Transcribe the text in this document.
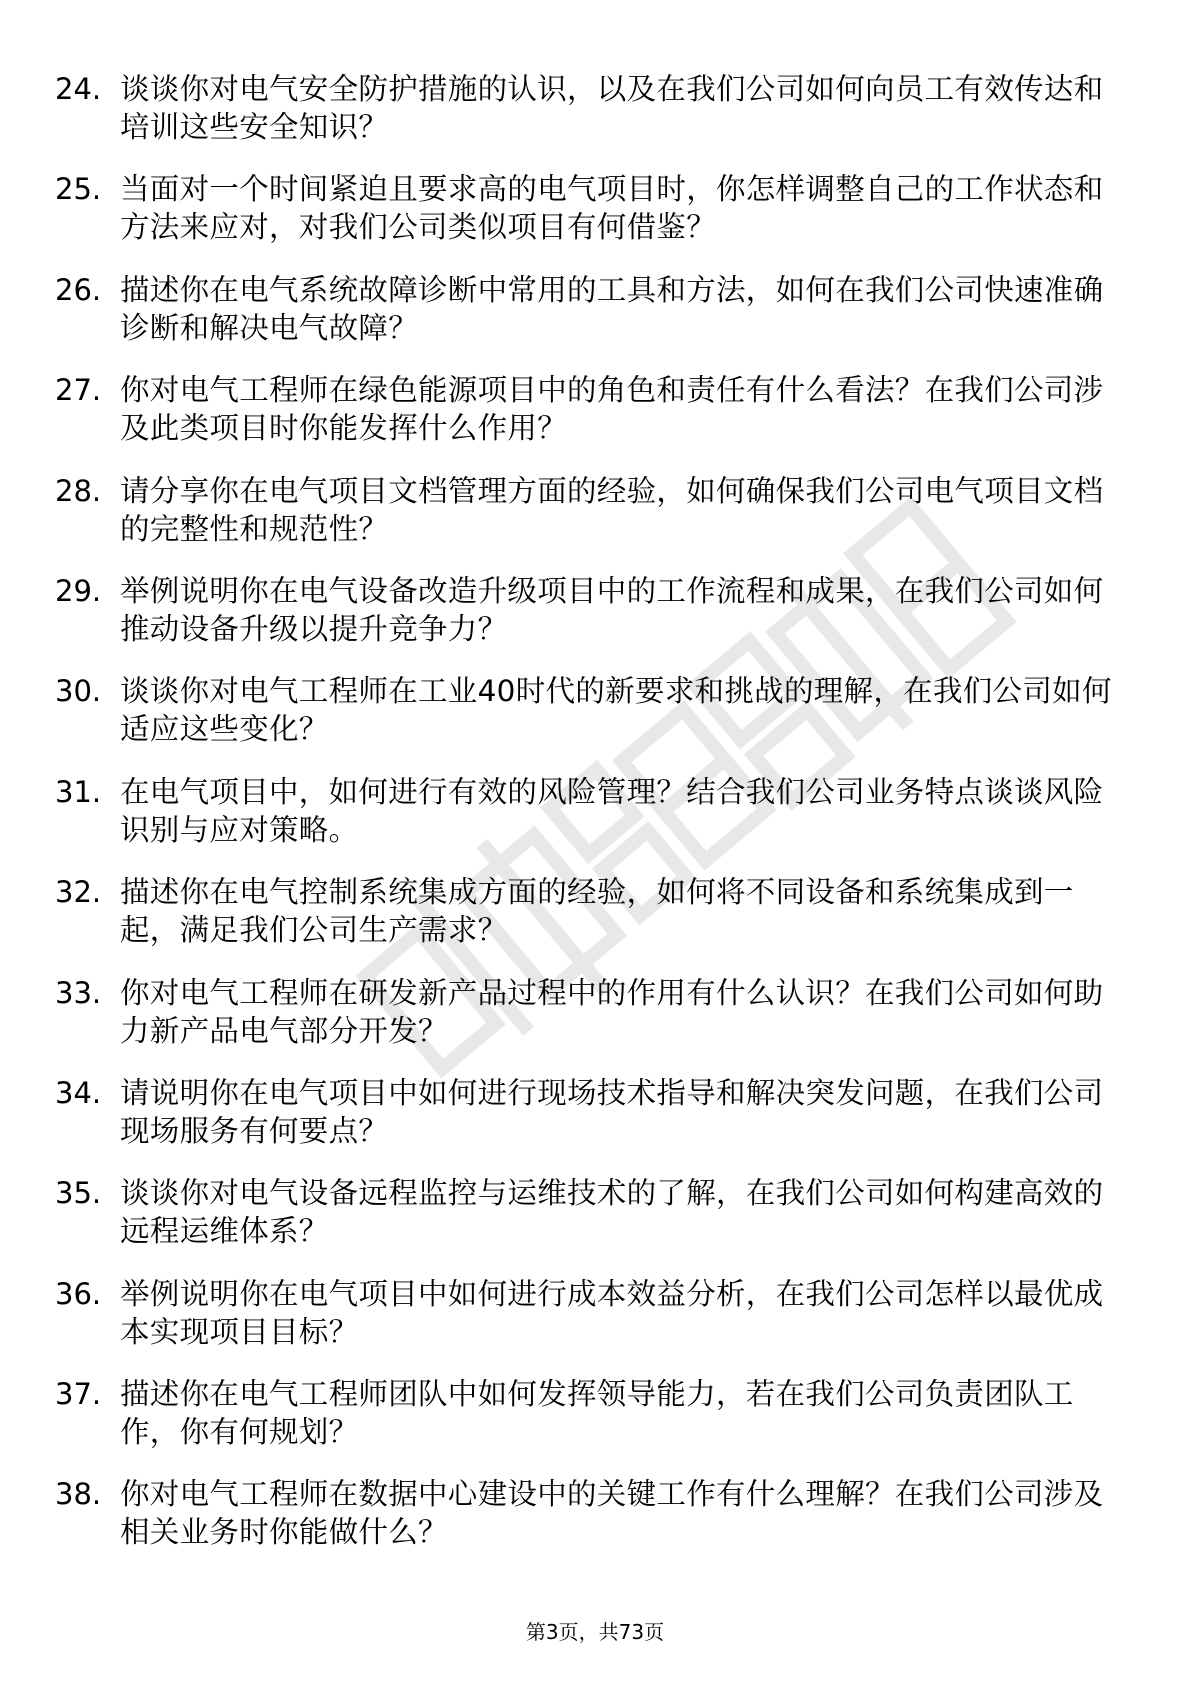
24. 谈谈你对电气安全防护措施的认识，以及在我们公司如何向员工有效传达和培训这些安全知识？
25. 当面对一个时间紧迫且要求高的电气项目时，你怎样调整自己的工作状态和方法来应对，对我们公司类似项目有何借鉴？
26. 描述你在电气系统故障诊断中常用的工具和方法，如何在我们公司快速准确诊断和解决电气故障？
27. 你对电气工程师在绿色能源项目中的角色和责任有什么看法？在我们公司涉及此类项目时你能发挥什么作用？
28. 请分享你在电气项目文档管理方面的经验，如何确保我们公司电气项目文档的完整性和规范性？
29. 举例说明你在电气设备改造升级项目中的工作流程和成果，在我们公司如何推动设备升级以提升竞争力？
30. 谈谈你对电气工程师在工业40时代的新要求和挑战的理解，在我们公司如何适应这些变化？
31. 在电气项目中，如何进行有效的风险管理？结合我们公司业务特点谈谈风险识别与应对策略。
32. 描述你在电气控制系统集成方面的经验，如何将不同设备和系统集成到一起，满足我们公司生产需求？
33. 你对电气工程师在研发新产品过程中的作用有什么认识？在我们公司如何助力新产品电气部分开发？
34. 请说明你在电气项目中如何进行现场技术指导和解决突发问题，在我们公司现场服务有何要点？
35. 谈谈你对电气设备远程监控与运维技术的了解，在我们公司如何构建高效的远程运维体系？
36. 举例说明你在电气项目中如何进行成本效益分析，在我们公司怎样以最优成本实现项目目标？
37. 描述你在电气工程师团队中如何发挥领导能力，若在我们公司负责团队工作，你有何规划？
38. 你对电气工程师在数据中心建设中的关键工作有什么理解？在我们公司涉及相关业务时你能做什么？
第3页，共73页
